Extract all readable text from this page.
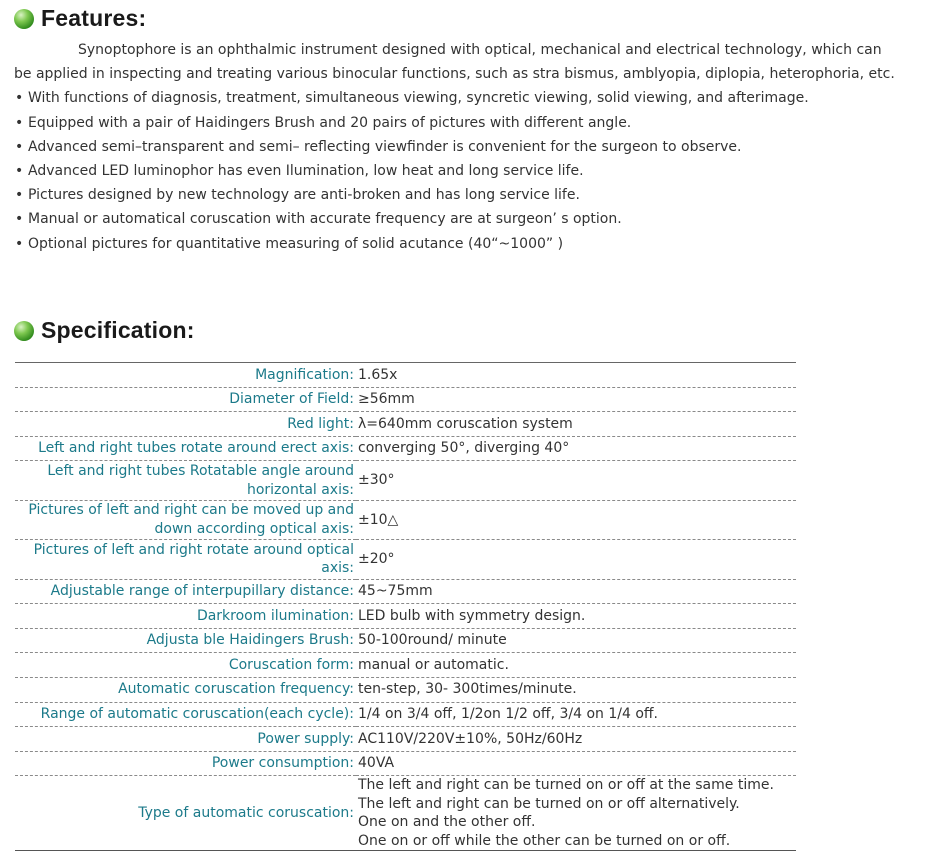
Features:

Synoptophore is an ophthalmic instrument designed with optical, mechanical and electrical technology, which can be applied in inspecting and treating various binocular functions, such as stra bismus, amblyopia, diplopia, heterophoria, etc.

• With functions of diagnosis, treatment, simultaneous viewing, syncretic viewing, solid viewing, and afterimage.
• Equipped with a pair of Haidingers Brush and 20 pairs of pictures with different angle.
• Advanced semi–transparent and semi– reflecting viewfinder is convenient for the surgeon to observe.
• Advanced LED luminophor has even Ilumination, low heat and long service life.
• Pictures designed by new technology are anti-broken and has long service life.
• Manual or automatical coruscation with accurate frequency are at surgeon’ s option.
• Optional pictures for quantitative measuring of solid acutance (40“~1000” )
Specification:
Magnification:	1.65x
Diameter of Field:	≥56mm
Red light:	λ=640mm coruscation system
Left and right tubes rotate around erect axis:	converging 50°, diverging 40°
Left and right tubes Rotatable angle around horizontal axis:	±30°
Pictures of left and right can be moved up and down according optical axis:	±10△
Pictures of left and right rotate around optical axis:	±20°
Adjustable range of interpupillary distance:	45~75mm
Darkroom ilumination:	LED bulb with symmetry design.
Adjusta ble Haidingers Brush:	50-100round/ minute
Coruscation form:	manual or automatic.
Automatic coruscation frequency:	ten-step, 30- 300times/minute.
Range of automatic coruscation(each cycle):	1/4 on 3/4 off, 1/2on 1/2 off, 3/4 on 1/4 off.
Power supply:	AC110V/220V±10%, 50Hz/60Hz
Power consumption:	40VA
Type of automatic coruscation:	The left and right can be turned on or off at the same time.
The left and right can be turned on or off alternatively.
One on and the other off.
One on or off while the other can be turned on or off.
